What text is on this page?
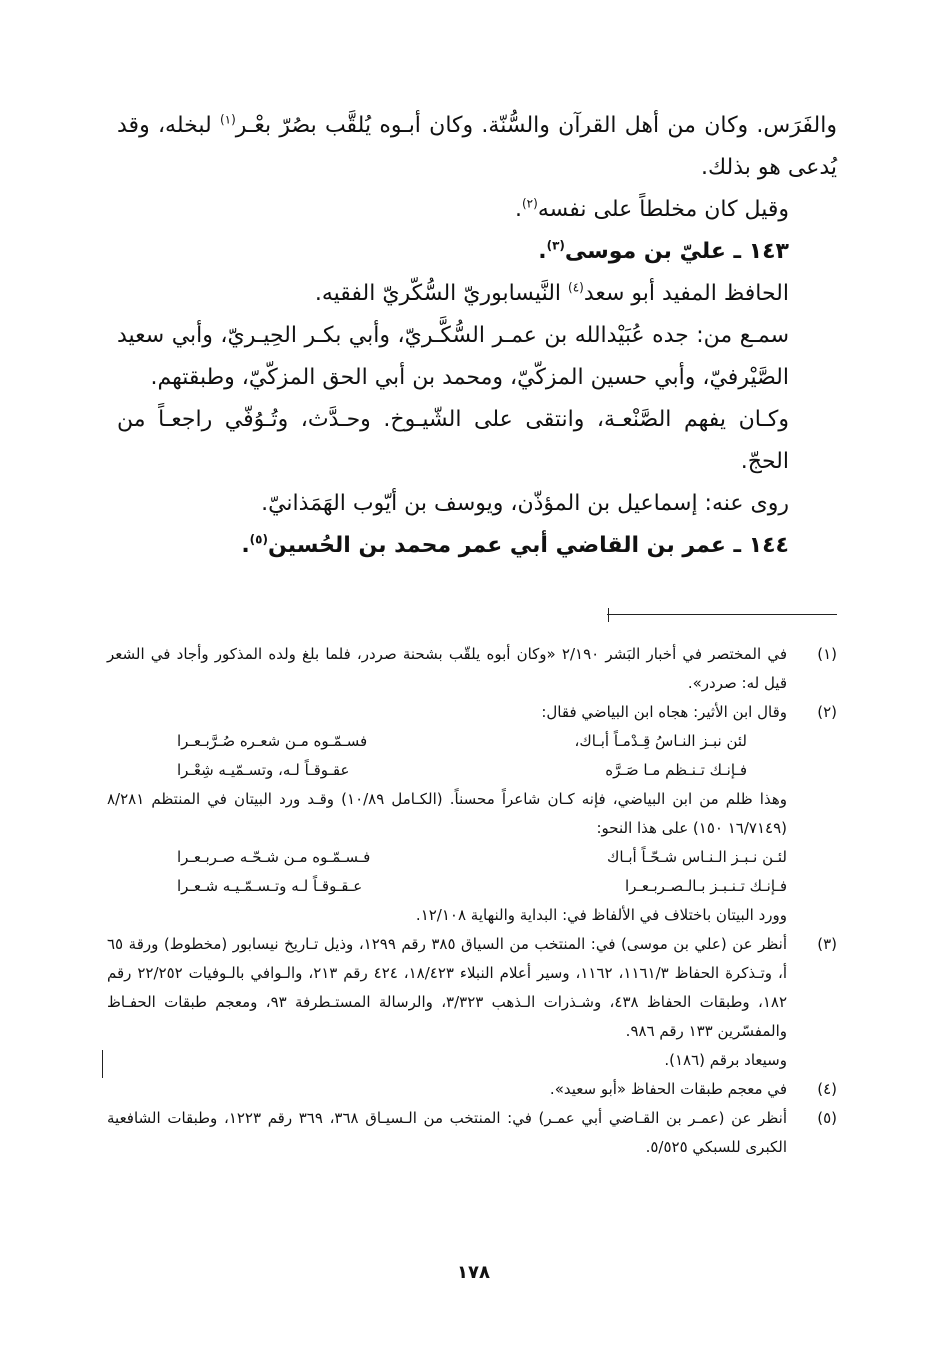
والفَرَس. وكان من أهل القرآن والسُّنّة. وكان أبـوه يُلقَّب بصُرّ بعْـر$^{(١)}$ لبخله، وقد يُدعى هو بذلك.

وقيل كان مخلطاً على نفسه$^{(٢)}$.

١٤٣ ـ عليّ بن موسى$^{(٣)}$.

الحافظ المفيد أبو سعد$^{(٤)}$ النَّيسابوريّ السُّكّريّ الفقيه.

سمـع من: جده عُبَيْدالله بن عمـر السُّكَّـريّ، وأبي بكـر الحِيـريّ، وأبي سعيد الصَّيْرفيّ، وأبي حسين المزكّيّ، ومحمد بن أبي الحق المزكّيّ، وطبقتهم.

وكـان يفهم الصَّنْعـة، وانتقى على الشّيـوخ. وحـدَّث، وتُـوُفّي راجعـاً من الحجّ.

روى عنه: إسماعيل بن المؤذّن، ويوسف بن أيّوب الهَمَذانيّ.

١٤٤ ـ عمر بن القاضي أبي عمر محمد بن الحُسين$^{(٥)}$.

(١)
في المختصر في أخبار البَشر ٢/١٩٠ «وكان أبوه يلقّب بشحنة صردر، فلما بلغ ولده المذكور وأجاد في الشعر قيل له: صردر».
(٢)
وقال ابن الأثير: هجاه ابن البياضي فقال:
لئن نبـز النـاسُ قِـدْمـاً أبـاك،
فسـمّـوه مـن شعـره صُـرَّبـعـرا
فـإنـك تـنـظم مـا صَـرَّه
عقـوقـاً لـه، وتسـمّيـه شِعْـرا
وهذا ظلم من ابن البياضي، فإنه كـان شاعراً محسناً. (الكـامل ١٠/٨٩) وقـد ورد البيتان في المنتظم ٨/٢٨١ (١٦/٧١٤٩ ١٥٠) على هذا النحو:
لئـن نـبـز الـنـاس شـحّـاً أبـاك
فـسـمّـوه مـن شـحّـه صـربـعـرا
فـإنـك تـنـبـز بـالـصـربـعـرا
عـقـوقـاً لـه وتـسـمّـيـه شـعـرا
وورد البيتان باختلاف في الألفاظ في: البداية والنهاية ١٢/١٠٨.
(٣)
أنظر عن (علي بن موسى) في: المنتخب من السياق ٣٨٥ رقم ١٢٩٩، وذيل تـاريخ نيسابور (مخطوط) ورقة ٦٥ أ، وتـذكرة الحفاظ ١١٦١/٣، ١١٦٢، وسير أعلام النبلاء ١٨/٤٢٣، ٤٢٤ رقم ٢١٣، والـوافي بالـوفيات ٢٢/٢٥٢ رقم ١٨٢، وطبقات الحفاظ ٤٣٨، وشـذرات الـذهب ٣/٣٢٣، والرسالة المستـطرفة ٩٣، ومعجم طبقات الحفـاظ والمفسّرين ١٣٣ رقم ٩٨٦.
وسيعاد برقم (١٨٦).
(٤)
في معجم طبقات الحفاظ «أبو سعيد».
(٥)
أنظر عن (عمـر بن القـاضي أبي عمـر) في: المنتخب من الـسيـاق ٣٦٨، ٣٦٩ رقم ١٢٢٣، وطبقات الشافعية الكبرى للسبكي ٥/٥٢٥.
١٧٨
